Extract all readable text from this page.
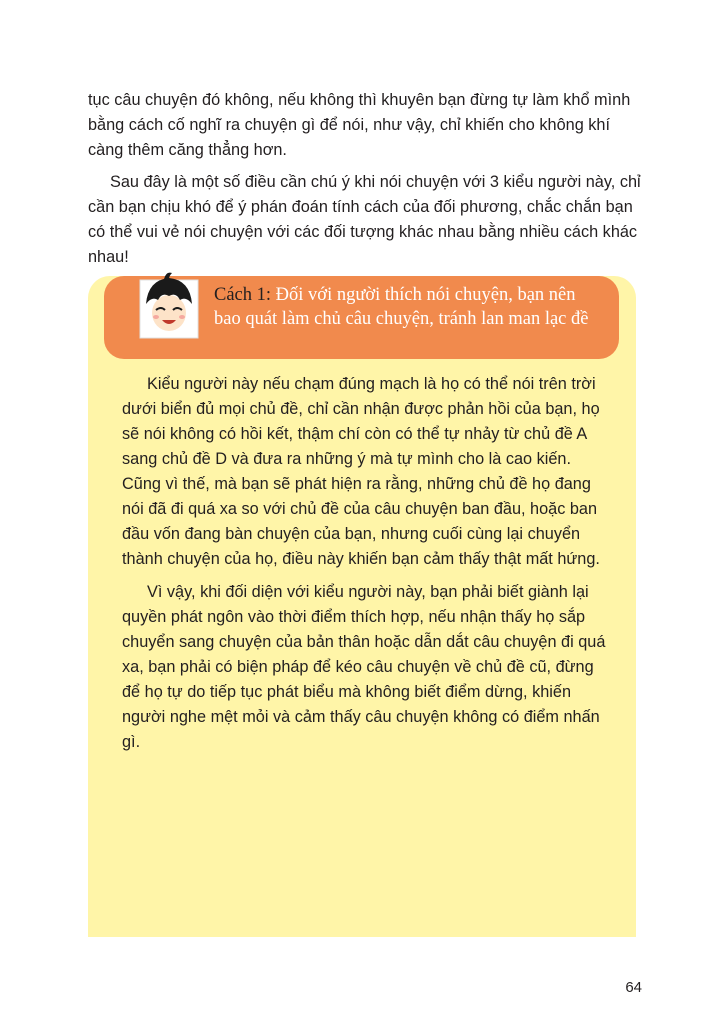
tục câu chuyện đó không, nếu không thì khuyên bạn đừng tự làm khổ mình bằng cách cố nghĩ ra chuyện gì để nói, như vậy, chỉ khiến cho không khí càng thêm căng thẳng hơn.

Sau đây là một số điều cần chú ý khi nói chuyện với 3 kiểu người này, chỉ cần bạn chịu khó để ý phán đoán tính cách của đối phương, chắc chắn bạn có thể vui vẻ nói chuyện với các đối tượng khác nhau bằng nhiều cách khác nhau!

Cách 1: Đối với người thích nói chuyện, bạn nên bao quát làm chủ câu chuyện, tránh lan man lạc đề

Kiểu người này nếu chạm đúng mạch là họ có thể nói trên trời dưới biển đủ mọi chủ đề, chỉ cần nhận được phản hồi của bạn, họ sẽ nói không có hồi kết, thậm chí còn có thể tự nhảy từ chủ đề A sang chủ đề D và đưa ra những ý mà tự mình cho là cao kiến. Cũng vì thế, mà bạn sẽ phát hiện ra rằng, những chủ đề họ đang nói đã đi quá xa so với chủ đề của câu chuyện ban đầu, hoặc ban đầu vốn đang bàn chuyện của bạn, nhưng cuối cùng lại chuyển thành chuyện của họ, điều này khiến bạn cảm thấy thật mất hứng.

Vì vậy, khi đối diện với kiểu người này, bạn phải biết giành lại quyền phát ngôn vào thời điểm thích hợp, nếu nhận thấy họ sắp chuyển sang chuyện của bản thân hoặc dẫn dắt câu chuyện đi quá xa, bạn phải có biện pháp để kéo câu chuyện về chủ đề cũ, đừng để họ tự do tiếp tục phát biểu mà không biết điểm dừng, khiến người nghe mệt mỏi và cảm thấy câu chuyện không có điểm nhấn gì.

64
